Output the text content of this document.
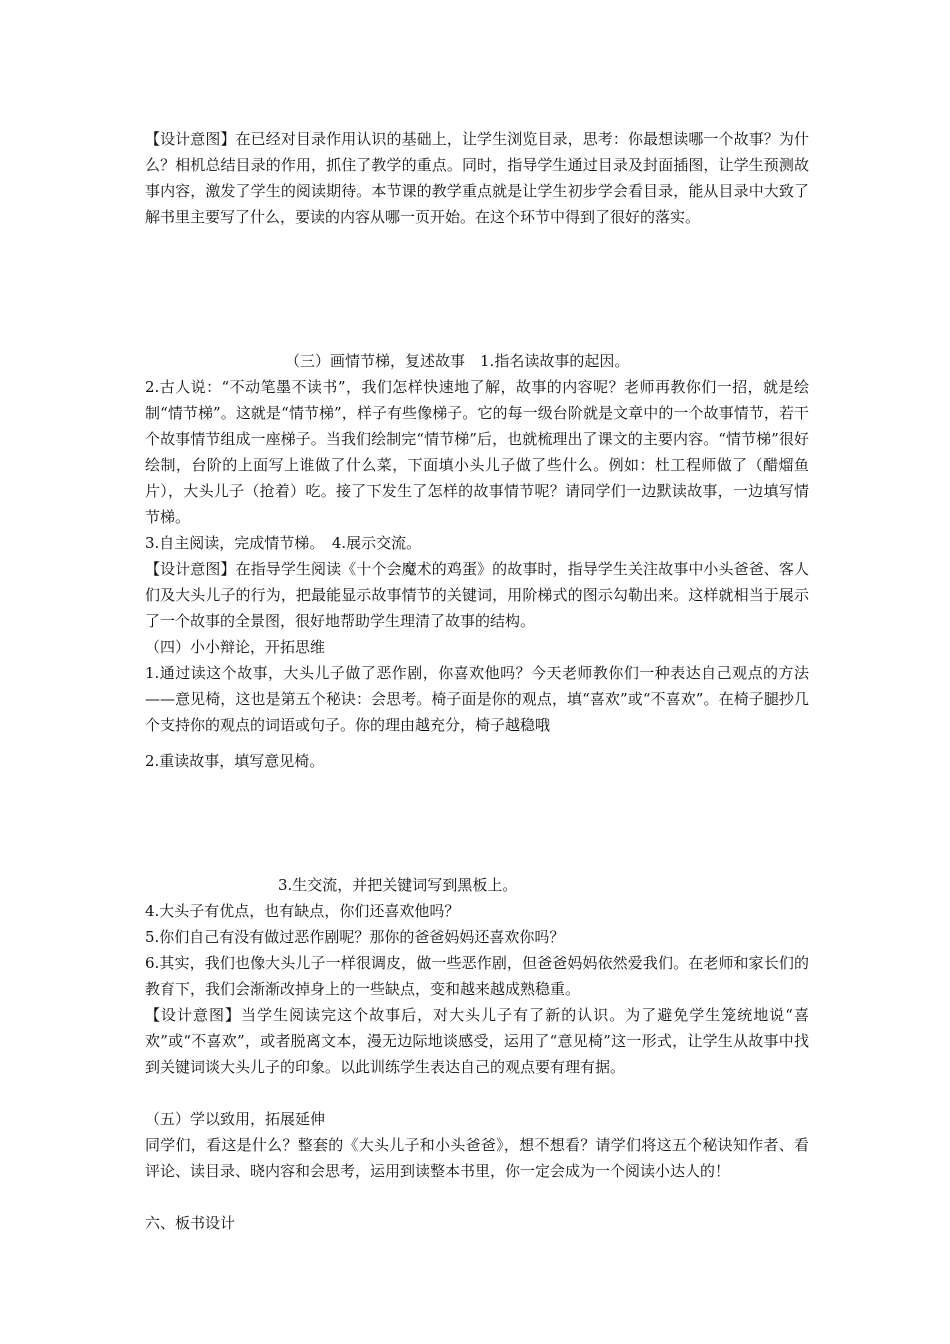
【设计意图】在已经对目录作用认识的基础上，让学生浏览目录，思考：你最想读哪一个故事？为什么？相机总结目录的作用，抓住了教学的重点。同时，指导学生通过目录及封面插图，让学生预测故事内容，激发了学生的阅读期待。本节课的教学重点就是让学生初步学会看目录，能从目录中大致了解书里主要写了什么，要读的内容从哪一页开始。在这个环节中得到了很好的落实。

（三）画情节梯，复述故事　1.指名读故事的起因。

2.古人说：“不动笔墨不读书”，我们怎样快速地了解，故事的内容呢？老师再教你们一招，就是绘制“情节梯”。这就是“情节梯”，样子有些像梯子。它的每一级台阶就是文章中的一个故事情节，若干个故事情节组成一座梯子。当我们绘制完“情节梯”后，也就梳理出了课文的主要内容。“情节梯”很好绘制，台阶的上面写上谁做了什么菜，下面填小头儿子做了些什么。例如：杜工程师做了（醋熘鱼片），大头儿子（抢着）吃。接了下发生了怎样的故事情节呢？请同学们一边默读故事，一边填写情节梯。

3.自主阅读，完成情节梯。　4.展示交流。

【设计意图】在指导学生阅读《十个会魔术的鸡蛋》的故事时，指导学生关注故事中小头爸爸、客人们及大头儿子的行为，把最能显示故事情节的关键词，用阶梯式的图示勾勒出来。这样就相当于展示了一个故事的全景图，很好地帮助学生理清了故事的结构。

（四）小小辩论，开拓思维

1.通过读这个故事，大头儿子做了恶作剧，你喜欢他吗？今天老师教你们一种表达自己观点的方法——意见椅，这也是第五个秘诀：会思考。椅子面是你的观点，填“喜欢”或“不喜欢”。在椅子腿抄几个支持你的观点的词语或句子。你的理由越充分，椅子越稳哦

2.重读故事，填写意见椅。

3.生交流，并把关键词写到黑板上。

4.大头子有优点，也有缺点，你们还喜欢他吗？

5.你们自己有没有做过恶作剧呢？那你的爸爸妈妈还喜欢你吗？

6.其实，我们也像大头儿子一样很调皮，做一些恶作剧，但爸爸妈妈依然爱我们。在老师和家长们的教育下，我们会渐渐改掉身上的一些缺点，变和越来越成熟稳重。

【设计意图】当学生阅读完这个故事后，对大头儿子有了新的认识。为了避免学生笼统地说“喜欢”或“不喜欢”，或者脱离文本，漫无边际地谈感受，运用了“意见椅”这一形式，让学生从故事中找到关键词谈大头儿子的印象。以此训练学生表达自己的观点要有理有据。

（五）学以致用，拓展延伸

同学们，看这是什么？整套的《大头儿子和小头爸爸》，想不想看？请学们将这五个秘诀知作者、看评论、读目录、晓内容和会思考，运用到读整本书里，你一定会成为一个阅读小达人的！

六、板书设计
